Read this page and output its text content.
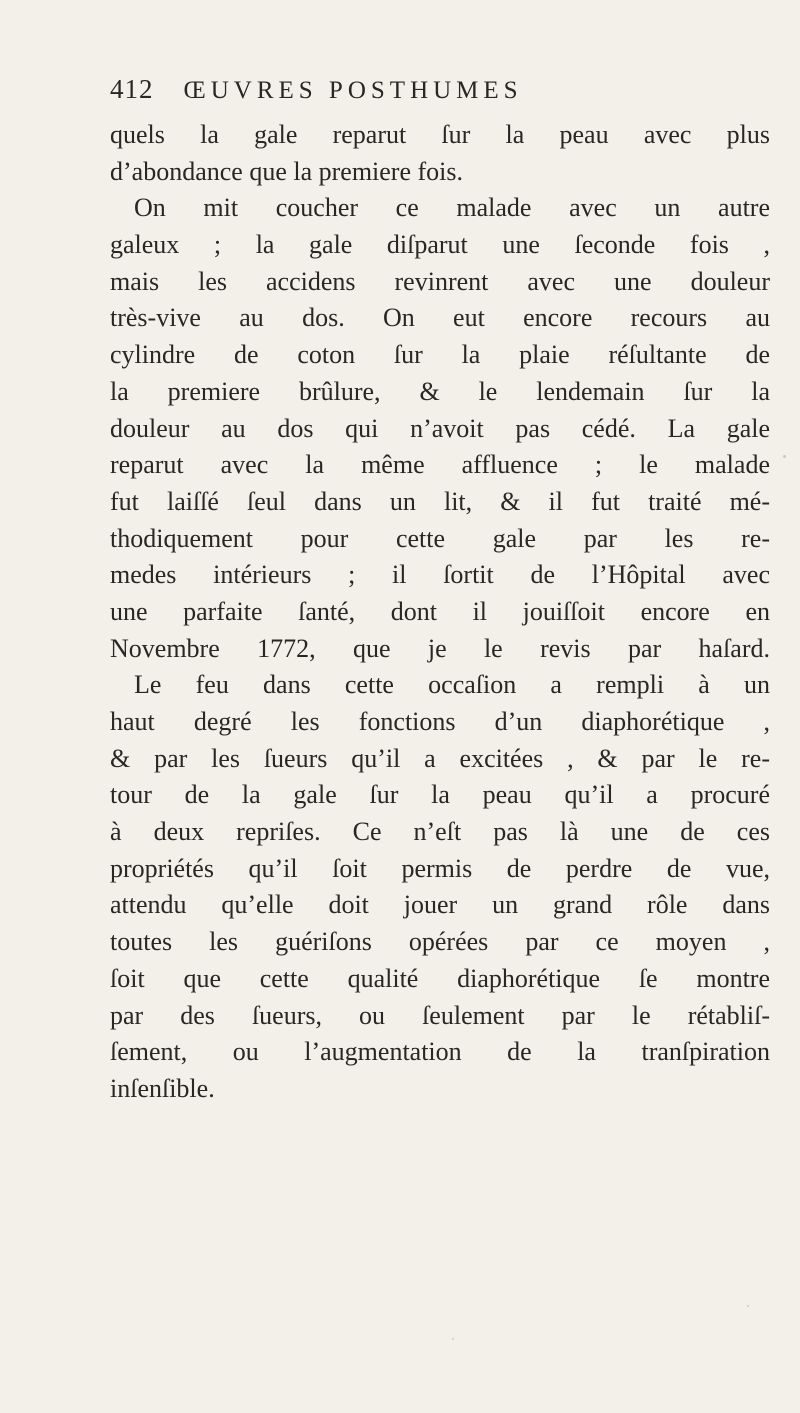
412 ŒUVRES POSTHUMES
quels la gale reparut ſur la peau avec plus
d’abondance que la premiere fois.
On mit coucher ce malade avec un autre
galeux ; la gale diſparut une ſeconde fois ,
mais les accidens revinrent avec une douleur
très-vive au dos. On eut encore recours au
cylindre de coton ſur la plaie réſultante de
la premiere brûlure, & le lendemain ſur la
douleur au dos qui n’avoit pas cédé. La gale
reparut avec la même affluence ; le malade
fut laiſſé ſeul dans un lit, & il fut traité mé-
thodiquement pour cette gale par les re-
medes intérieurs ; il ſortit de l’Hôpital avec
une parfaite ſanté, dont il jouiſſoit encore en
Novembre 1772, que je le revis par haſard.
Le feu dans cette occaſion a rempli à un
haut degré les fonctions d’un diaphorétique ,
& par les ſueurs qu’il a excitées , & par le re-
tour de la gale ſur la peau qu’il a procuré
à deux repriſes. Ce n’eſt pas là une de ces
propriétés qu’il ſoit permis de perdre de vue,
attendu qu’elle doit jouer un grand rôle dans
toutes les guériſons opérées par ce moyen ,
ſoit que cette qualité diaphorétique ſe montre
par des ſueurs, ou ſeulement par le rétabliſ-
ſement, ou l’augmentation de la tranſpiration
inſenſible.
